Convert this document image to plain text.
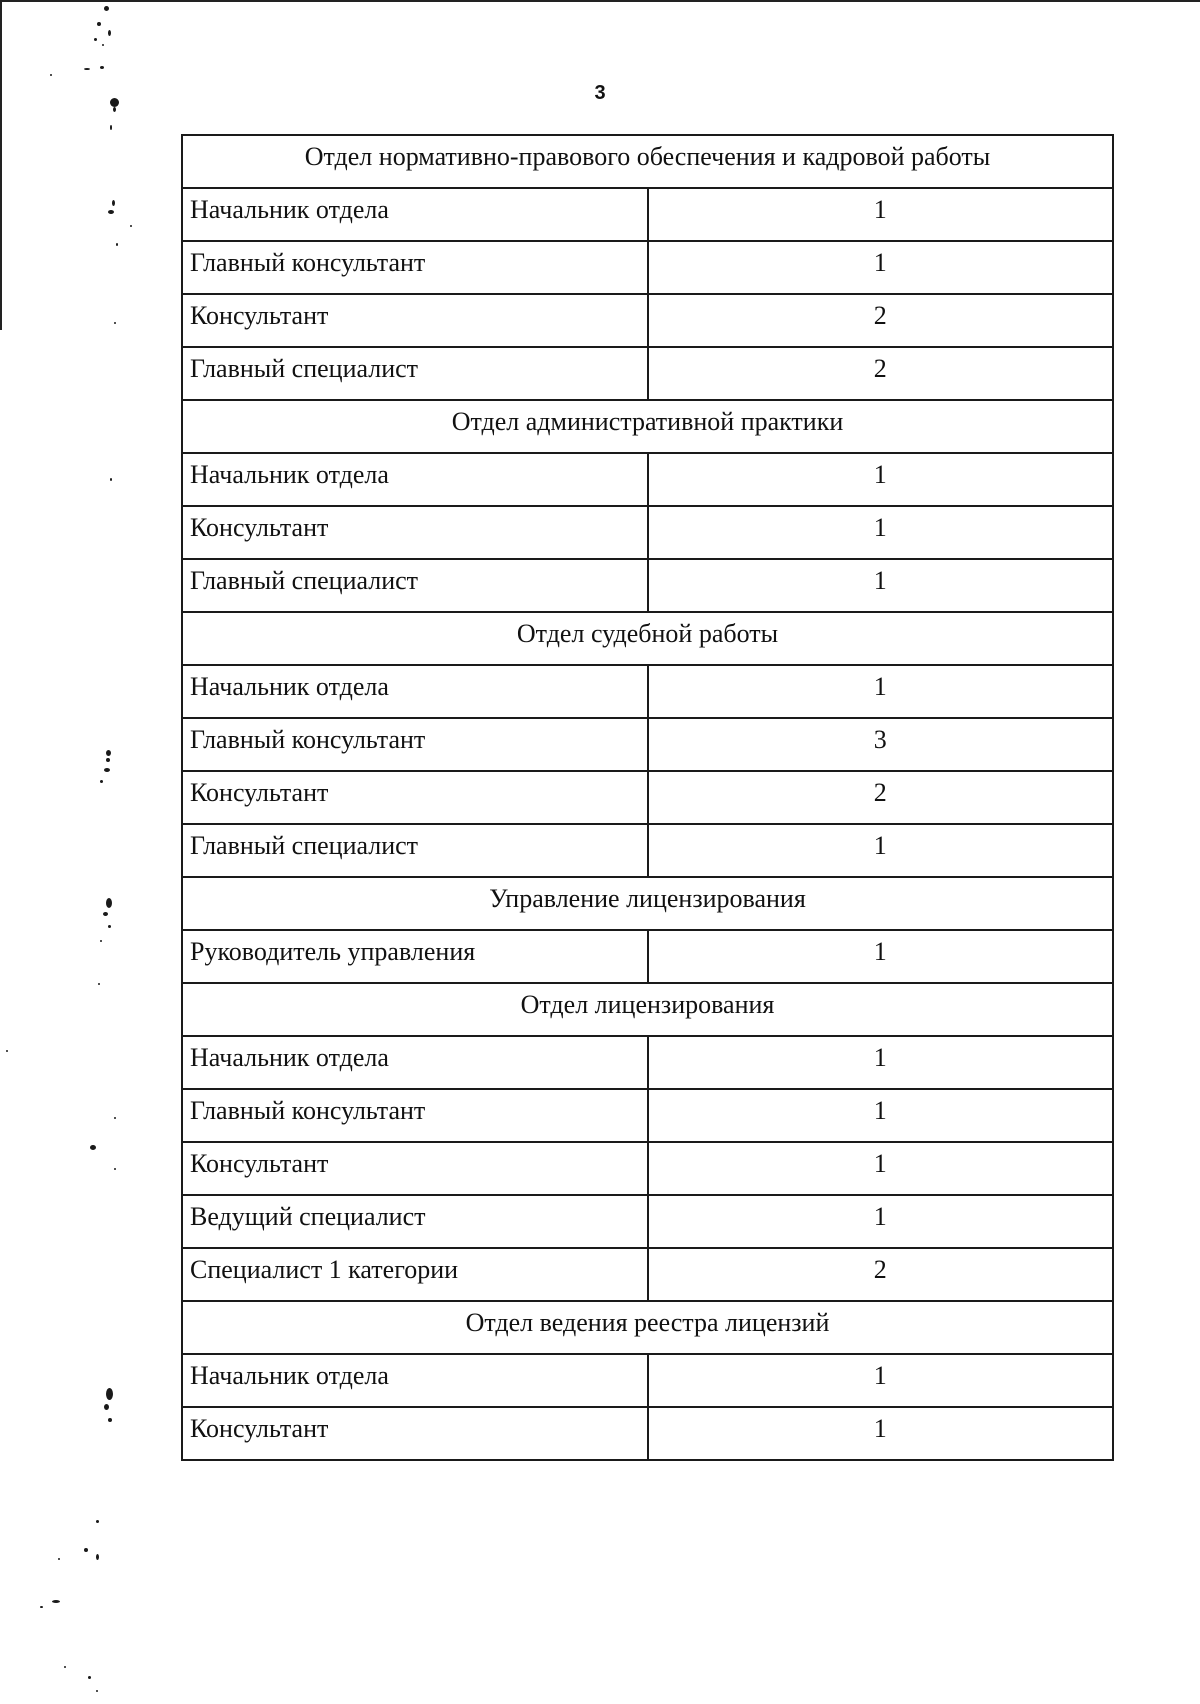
3
Отдел нормативно-правового обеспечения и кадровой работы	
Начальник отдела	1
Главный консультант	1
Консультант	2
Главный специалист	2
Отдел административной практики	
Начальник отдела	1
Консультант	1
Главный специалист	1
Отдел судебной работы	
Начальник отдела	1
Главный консультант	3
Консультант	2
Главный специалист	1
Управление лицензирования	
Руководитель управления	1
Отдел лицензирования	
Начальник отдела	1
Главный консультант	1
Консультант	1
Ведущий специалист	1
Специалист 1 категории	2
Отдел ведения реестра лицензий	
Начальник отдела	1
Консультант	1
